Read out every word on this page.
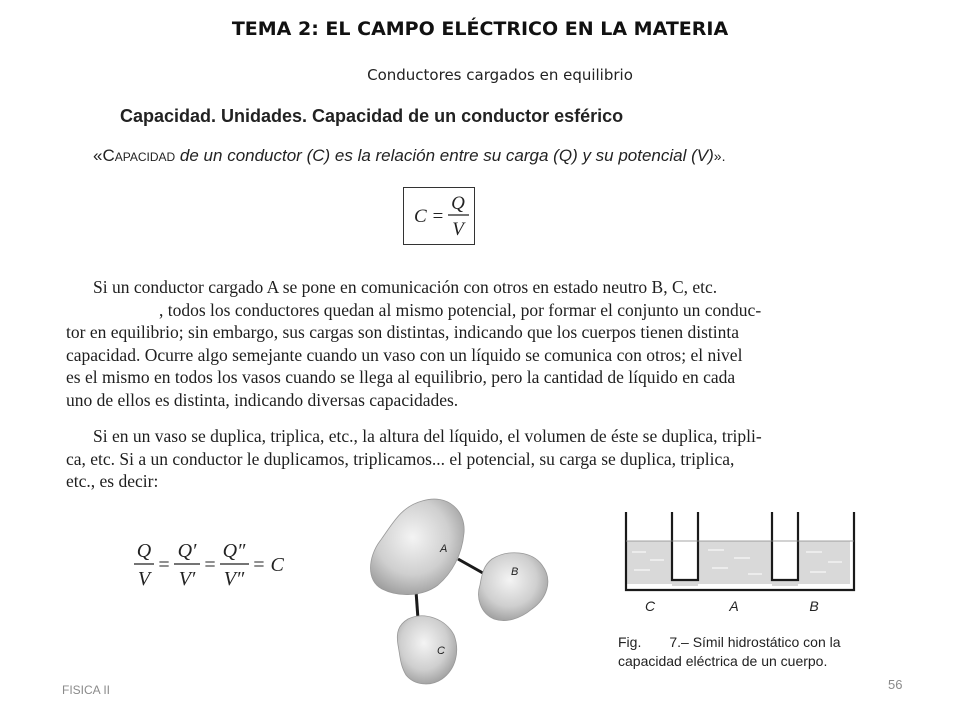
TEMA 2: EL CAMPO ELÉCTRICO EN LA MATERIA
Conductores cargados en equilibrio
Capacidad. Unidades. Capacidad de un conductor esférico
«Capacidad de un conductor (C) es la relación entre su carga (Q) y su potencial (V)».
C =
Q
V

Si un conductor cargado A se pone en comunicación con otros en estado neutro B, C, etc.

, todos los conductores quedan al mismo potencial, por formar el conjunto un conduc-

tor en equilibrio; sin embargo, sus cargas son distintas, indicando que los cuerpos tienen distinta

capacidad. Ocurre algo semejante cuando un vaso con un líquido se comunica con otros; el nivel

es el mismo en todos los vasos cuando se llega al equilibrio, pero la cantidad de líquido en cada

uno de ellos es distinta, indicando diversas capacidades.

Si en un vaso se duplica, triplica, etc., la altura del líquido, el volumen de éste se duplica, tripli-

ca, etc. Si a un conductor le duplicamos, triplicamos... el potencial, su carga se duplica, triplica,

etc., es decir:

Q
V
=
Q′
V′
=
Q″
V″
= C
A
B
C
C	A	B
Fig. 7.– Símil hidrostático con la
capacidad eléctrica de un cuerpo.
FISICA II	56
